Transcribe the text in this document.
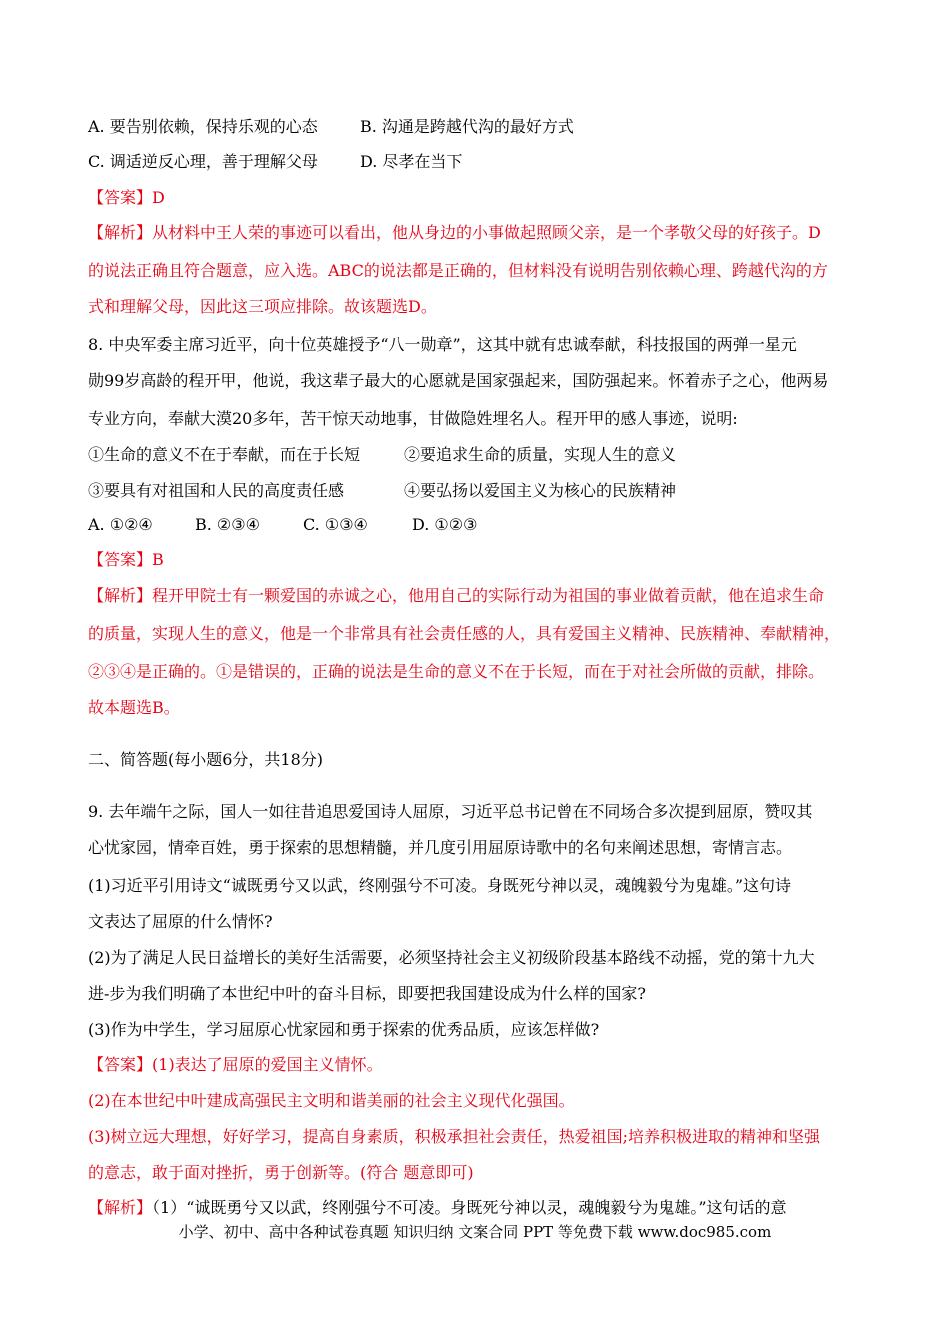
A. 要告别依赖，保持乐观的心态	B. 沟通是跨越代沟的最好方式
C. 调适逆反心理，善于理解父母	D. 尽孝在当下
【答案】D
【解析】从材料中王人荣的事迹可以看出，他从身边的小事做起照顾父亲，是一个孝敬父母的好孩子。D
的说法正确且符合题意，应入选。ABC的说法都是正确的，但材料没有说明告别依赖心理、跨越代沟的方
式和理解父母，因此这三项应排除。故该题选D。
8. 中央军委主席习近平，向十位英雄授予“八一勋章”，这其中就有忠诚奉献，科技报国的两弹一星元
勋99岁高龄的程开甲，他说，我这辈子最大的心愿就是国家强起来，国防强起来。怀着赤子之心，他两易
专业方向，奉献大漠20多年，苦干惊天动地事，甘做隐姓埋名人。程开甲的感人事迹，说明:
①生命的意义不在于奉献，而在于长短	②要追求生命的质量，实现人生的意义
③要具有对祖国和人民的高度责任感	④要弘扬以爱国主义为核心的民族精神
A. ①②④	B. ②③④	C. ①③④	D. ①②③
【答案】B
【解析】程开甲院士有一颗爱国的赤诚之心，他用自己的实际行动为祖国的事业做着贡献，他在追求生命
的质量，实现人生的意义，他是一个非常具有社会责任感的人，具有爱国主义精神、民族精神、奉献精神，
②③④是正确的。①是错误的，正确的说法是生命的意义不在于长短，而在于对社会所做的贡献，排除。
故本题选B。
二、简答题(每小题6分，共18分)
9. 去年端午之际，国人一如往昔追思爱国诗人屈原，习近平总书记曾在不同场合多次提到屈原，赞叹其
心忧家园，情牵百姓，勇于探索的思想精髓，并几度引用屈原诗歌中的名句来阐述思想，寄情言志。
(1)习近平引用诗文“诚既勇兮又以武，终刚强兮不可凌。身既死兮神以灵，魂魄毅兮为鬼雄。”这句诗
文表达了屈原的什么情怀?
(2)为了满足人民日益增长的美好生活需要，必须坚持社会主义初级阶段基本路线不动摇，党的第十九大
进-步为我们明确了本世纪中叶的奋斗目标，即要把我国建设成为什么样的国家?
(3)作为中学生，学习屈原心忧家园和勇于探索的优秀品质，应该怎样做?
【答案】(1)表达了屈原的爱国主义情怀。
(2)在本世纪中叶建成高强民主文明和谐美丽的社会主义现代化强国。
(3)树立远大理想，好好学习，提高自身素质，积极承担社会责任，热爱祖国;培养积极进取的精神和坚强
的意志，敢于面对挫折，勇于创新等。(符合 题意即可)
【解析】（1）“诚既勇兮又以武，终刚强兮不可凌。身既死兮神以灵，魂魄毅兮为鬼雄。”这句话的意
小学、初中、高中各种试卷真题 知识归纳 文案合同 PPT 等免费下载 www.doc985.com
